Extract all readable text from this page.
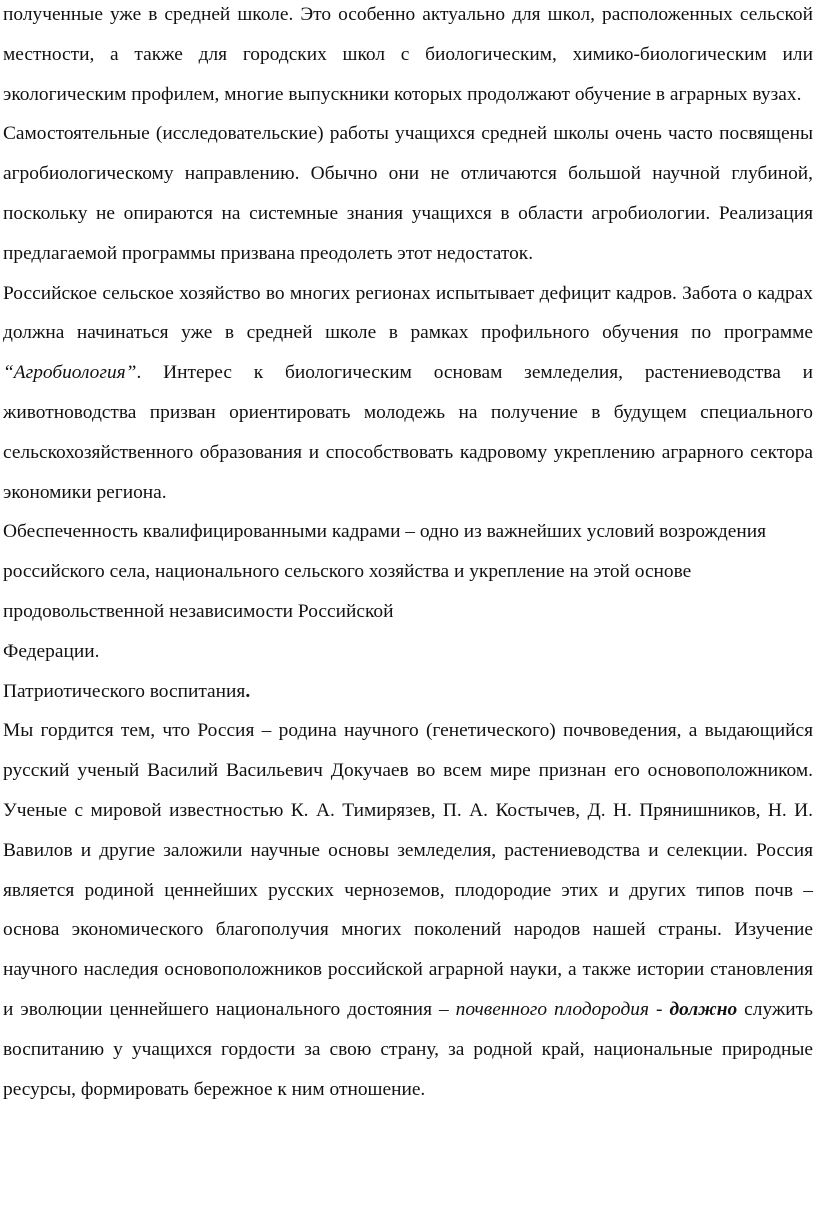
полученные уже в средней школе. Это особенно актуально для школ, расположенных сельской местности, а также для городских школ с биологическим, химико-биологическим или экологическим профилем, многие выпускники которых продолжают обучение в аграрных вузах.

Самостоятельные (исследовательские) работы учащихся средней школы очень часто посвящены агробиологическому направлению. Обычно они не отличаются большой научной глубиной, поскольку не опираются на системные знания учащихся в области агробиологии. Реализация предлагаемой программы призвана преодолеть этот недостаток.

Российское сельское хозяйство во многих регионах испытывает дефицит кадров. Забота о кадрах должна начинаться уже в средней школе в рамках профильного обучения по программе “Агробиология”. Интерес к биологическим основам земледелия, растениеводства и животноводства призван ориентировать молодежь на получение в будущем специального сельскохозяйственного образования и способствовать кадровому укреплению аграрного сектора экономики региона.

Обеспеченность квалифицированными кадрами – одно из важнейших условий возрождения российского села, национального сельского хозяйства и укрепление на этой основе продовольственной независимости Российской

Федерации.

Патриотического воспитания.

Мы гордится тем, что Россия – родина научного (генетического) почвоведения, а выдающийся русский ученый Василий Васильевич Докучаев во всем мире признан его основоположником. Ученые с мировой известностью К. А. Тимирязев, П. А. Костычев, Д. Н. Прянишников, Н. И. Вавилов и другие заложили научные основы земледелия, растениеводства и селекции. Россия является родиной ценнейших русских черноземов, плодородие этих и других типов почв – основа экономического благополучия многих поколений народов нашей страны. Изучение научного наследия основоположников российской аграрной науки, а также истории становления и эволюции ценнейшего национального достояния – почвенного плодородия - должно служить воспитанию у учащихся гордости за свою страну, за родной край, национальные природные ресурсы, формировать бережное к ним отношение.
